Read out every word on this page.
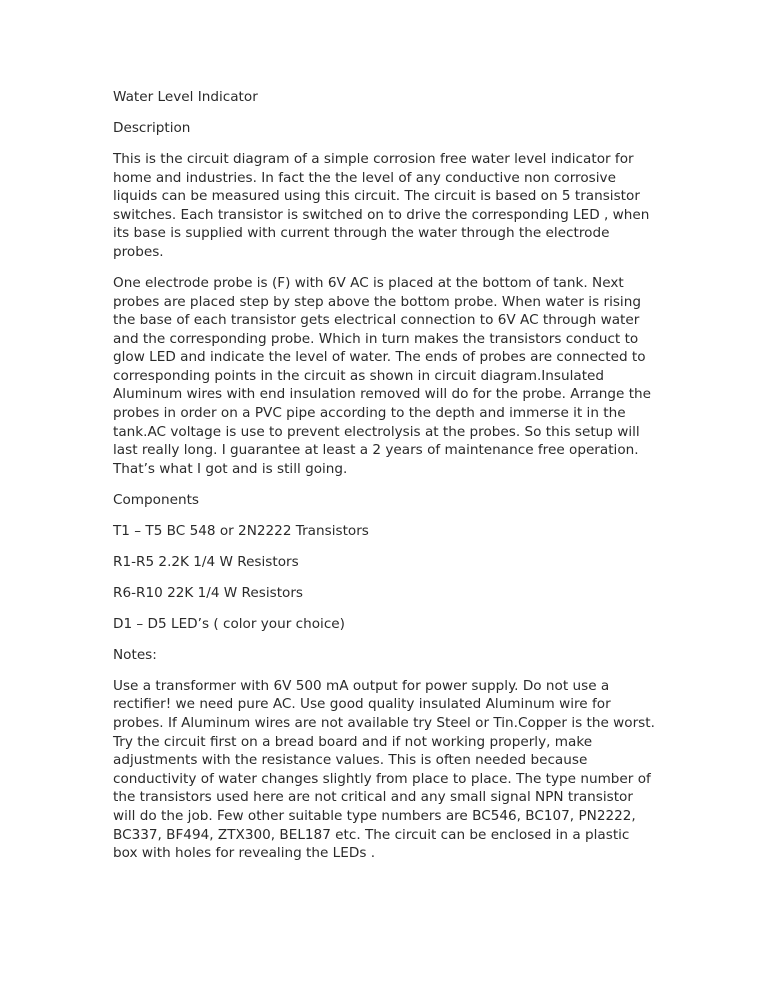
Water Level Indicator

Description

This is the circuit diagram of a simple corrosion free water level indicator for home and industries. In fact the the level of any conductive non corrosive liquids can be measured using this circuit. The circuit is based on 5 transistor switches. Each transistor is switched on to drive the corresponding LED , when its base is supplied with current through the water through the electrode probes.

One electrode probe is (F) with 6V AC is placed at the bottom of tank. Next probes are placed step by step above the bottom probe. When water is rising the base of each transistor gets electrical connection to 6V AC through water and the corresponding probe. Which in turn makes the transistors conduct to glow LED and indicate the level of water. The ends of probes are connected to corresponding points in the circuit as shown in circuit diagram.Insulated Aluminum wires with end insulation removed will do for the probe. Arrange the probes in order on a PVC pipe according to the depth and immerse it in the tank.AC voltage is use to prevent electrolysis at the probes. So this setup will last really long. I guarantee at least a 2 years of maintenance free operation. That’s what I got and is still going.

Components

T1 – T5 BC 548 or 2N2222 Transistors

R1-R5 2.2K 1/4 W Resistors

R6-R10 22K 1/4 W Resistors

D1 – D5 LED’s ( color your choice)

Notes:

Use a transformer with 6V 500 mA output for power supply. Do not use a rectifier! we need pure AC. Use good quality insulated Aluminum wire for probes. If Aluminum wires are not available try Steel or Tin.Copper is the worst. Try the circuit first on a bread board and if not working properly, make adjustments with the resistance values. This is often needed because conductivity of water changes slightly from place to place. The type number of the transistors used here are not critical and any small signal NPN transistor will do the job. Few other suitable type numbers are BC546, BC107, PN2222, BC337, BF494, ZTX300, BEL187 etc. The circuit can be enclosed in a plastic box with holes for revealing the LEDs .
